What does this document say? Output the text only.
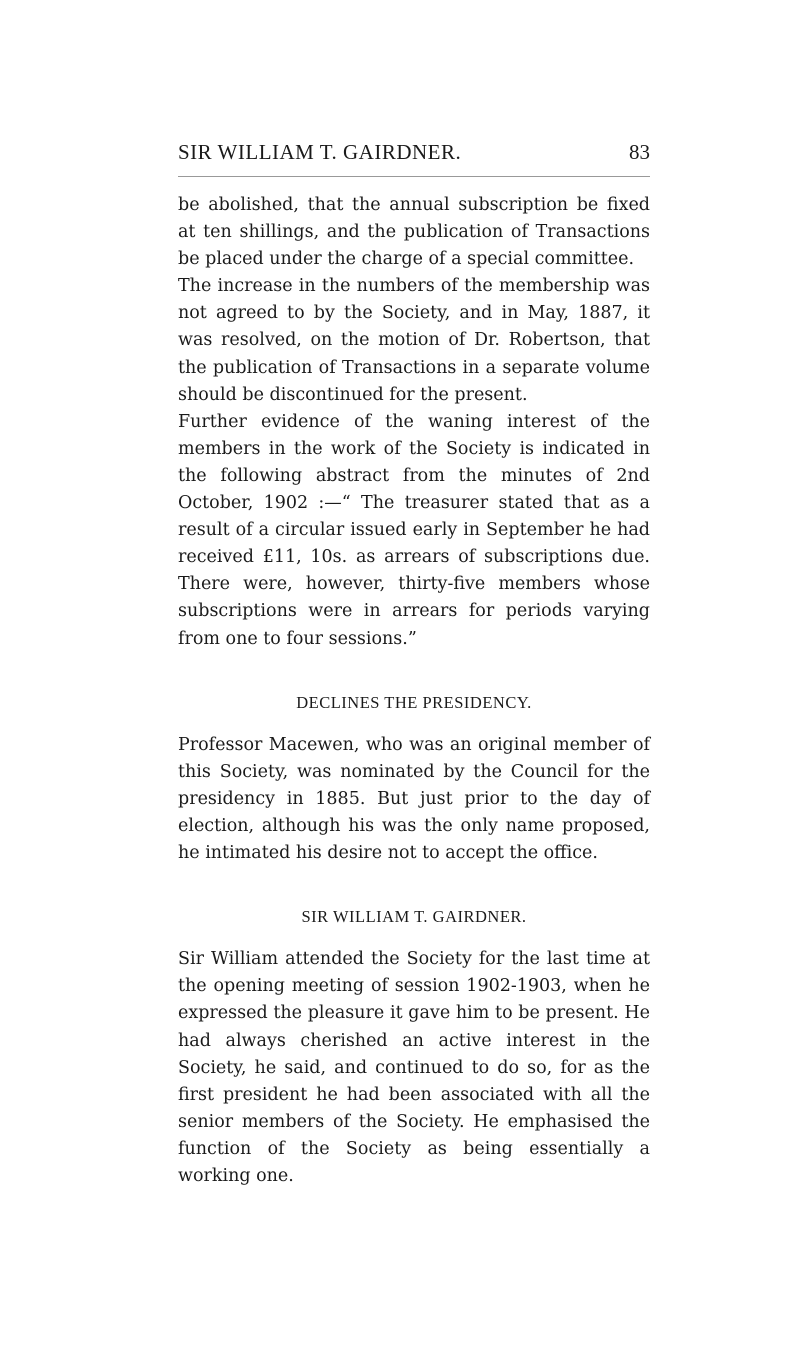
SIR WILLIAM T. GAIRDNER.	83

be abolished, that the annual subscription be fixed at ten shillings, and the publication of Transactions be placed under the charge of a special committee.

The increase in the numbers of the membership was not agreed to by the Society, and in May, 1887, it was resolved, on the motion of Dr. Robertson, that the publication of Transactions in a separate volume should be discontinued for the present.

Further evidence of the waning interest of the members in the work of the Society is indicated in the following abstract from the minutes of 2nd October, 1902 :—“ The treasurer stated that as a result of a circular issued early in September he had received £11, 10s. as arrears of subscriptions due. There were, however, thirty-five members whose subscriptions were in arrears for periods varying from one to four sessions.”

DECLINES THE PRESIDENCY.

Professor Macewen, who was an original member of this Society, was nominated by the Council for the presidency in 1885. But just prior to the day of election, although his was the only name proposed, he intimated his desire not to accept the office.

SIR WILLIAM T. GAIRDNER.

Sir William attended the Society for the last time at the opening meeting of session 1902-1903, when he expressed the pleasure it gave him to be present. He had always cherished an active interest in the Society, he said, and continued to do so, for as the first president he had been associated with all the senior members of the Society. He emphasised the function of the Society as being essentially a working one.
